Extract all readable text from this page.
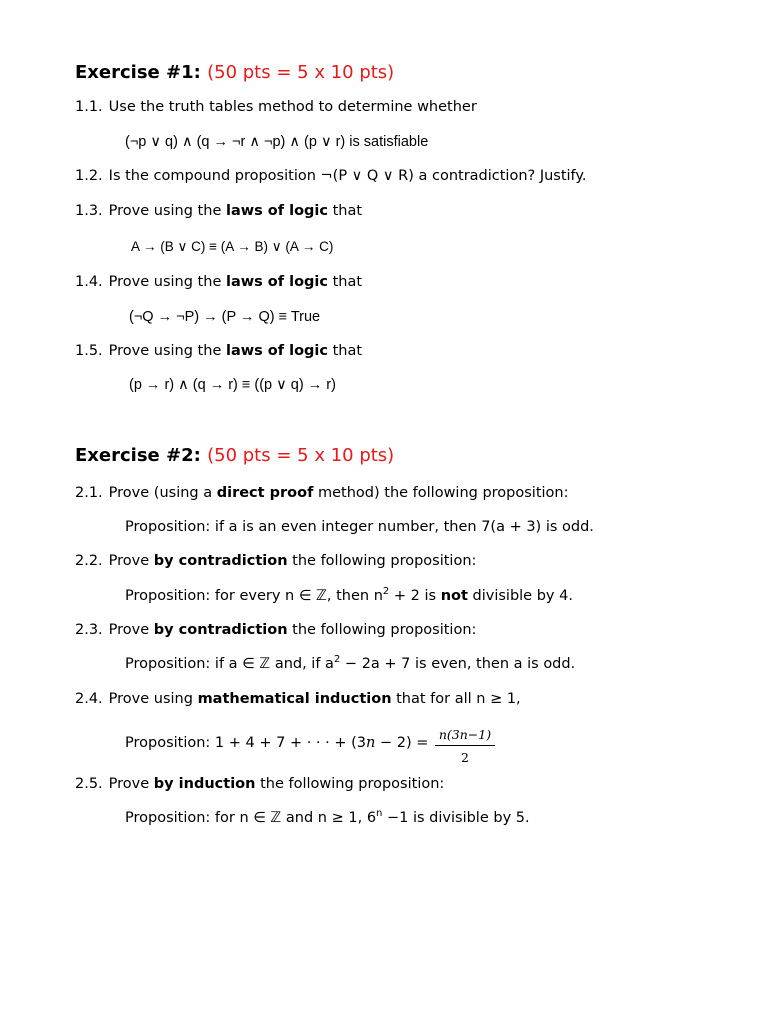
Exercise #1: (50 pts = 5 x 10 pts)
1.1. Use the truth tables method to determine whether
(¬p ∨ q) ∧ (q → ¬r ∧ ¬p) ∧ (p ∨ r) is satisfiable
1.2. Is the compound proposition ¬(P ∨ Q ∨ R) a contradiction? Justify.
1.3. Prove using the laws of logic that
A → (B ∨ C) ≡ (A → B) ∨ (A → C)
1.4. Prove using the laws of logic that
(¬Q → ¬P) → (P → Q) ≡ True
1.5. Prove using the laws of logic that
(p → r) ∧ (q → r) ≡ ((p ∨ q) → r)
Exercise #2: (50 pts = 5 x 10 pts)
2.1. Prove (using a direct proof method) the following proposition:
Proposition: if a is an even integer number, then 7(a + 3) is odd.
2.2. Prove by contradiction the following proposition:
Proposition: for every n ∈ ℤ, then $n^2 + 2$ is not divisible by 4.
2.3. Prove by contradiction the following proposition:
Proposition: if a ∈ ℤ and, if $a^2 - 2a + 7$ is even, then a is odd.
2.4. Prove using mathematical induction that for all n ≥ 1,
Proposition: 1 + 4 + 7 + · · · + (3n − 2) =
n(3n−1)
2
2.5. Prove by induction the following proposition:
Proposition: for n ∈ ℤ and n ≥ 1, $6^n -1$ is divisible by 5.
